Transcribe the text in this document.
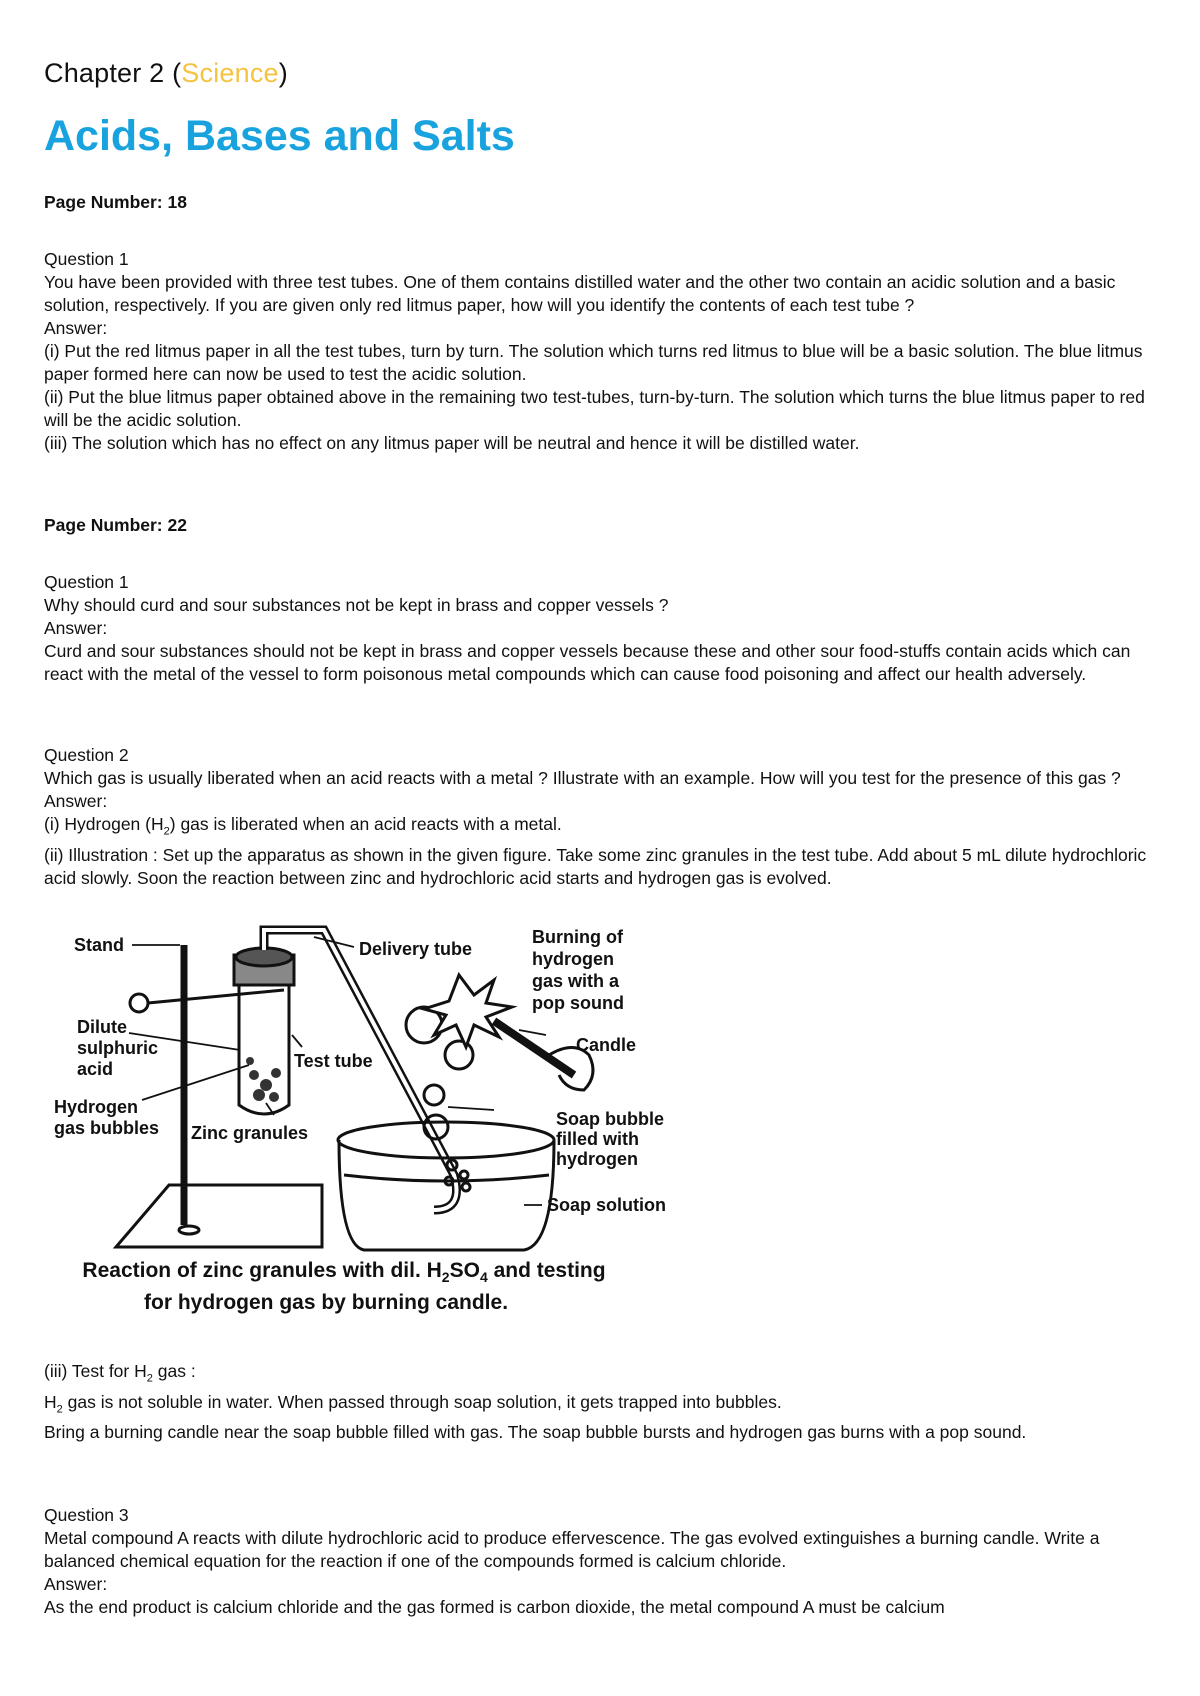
Chapter 2 (Science)
Acids, Bases and Salts
Page Number: 18

Question 1

You have been provided with three test tubes. One of them contains distilled water and the other two contain an acidic solution and a basic solution, respectively. If you are given only red litmus paper, how will you identify the contents of each test tube ?

Answer:

(i) Put the red litmus paper in all the test tubes, turn by turn. The solution which turns red litmus to blue will be a basic solution. The blue litmus paper formed here can now be used to test the acidic solution.

(ii) Put the blue litmus paper obtained above in the remaining two test-tubes, turn-by-turn. The solution which turns the blue litmus paper to red will be the acidic solution.

(iii) The solution which has no effect on any litmus paper will be neutral and hence it will be distilled water.

Page Number: 22

Question 1

Why should curd and sour substances not be kept in brass and copper vessels ?

Answer:

Curd and sour substances should not be kept in brass and copper vessels because these and other sour food-stuffs contain acids which can react with the metal of the vessel to form poisonous metal compounds which can cause food poisoning and affect our health adversely.

Question 2

Which gas is usually liberated when an acid reacts with a metal ? Illustrate with an example. How will you test for the presence of this gas ?

Answer:

(i) Hydrogen $(H_2)$ gas is liberated when an acid reacts with a metal.

(ii) Illustration : Set up the apparatus as shown in the given figure. Take some zinc granules in the test tube. Add about 5 mL dilute hydrochloric acid slowly. Soon the reaction between zinc and hydrochloric acid starts and hydrogen gas is evolved.

Stand	Delivery tube
Burning of
hydrogen
gas with a
pop sound
Dilute
sulphuric
acid
Candle
Test tube
Hydrogen
gas bubbles Zinc granules
Soap bubble
filled with
hydrogen
Soap solution
Reaction of zinc granules with dil. $H_2SO_4$ and testing
for hydrogen gas by burning candle.

(iii) Test for $H_2$ gas :

$H_2$ gas is not soluble in water. When passed through soap solution, it gets trapped into bubbles.

Bring a burning candle near the soap bubble filled with gas. The soap bubble bursts and hydrogen gas burns with a pop sound.

Question 3

Metal compound A reacts with dilute hydrochloric acid to produce effervescence. The gas evolved extinguishes a burning candle. Write a balanced chemical equation for the reaction if one of the compounds formed is calcium chloride.

Answer:

As the end product is calcium chloride and the gas formed is carbon dioxide, the metal compound A must be calcium
